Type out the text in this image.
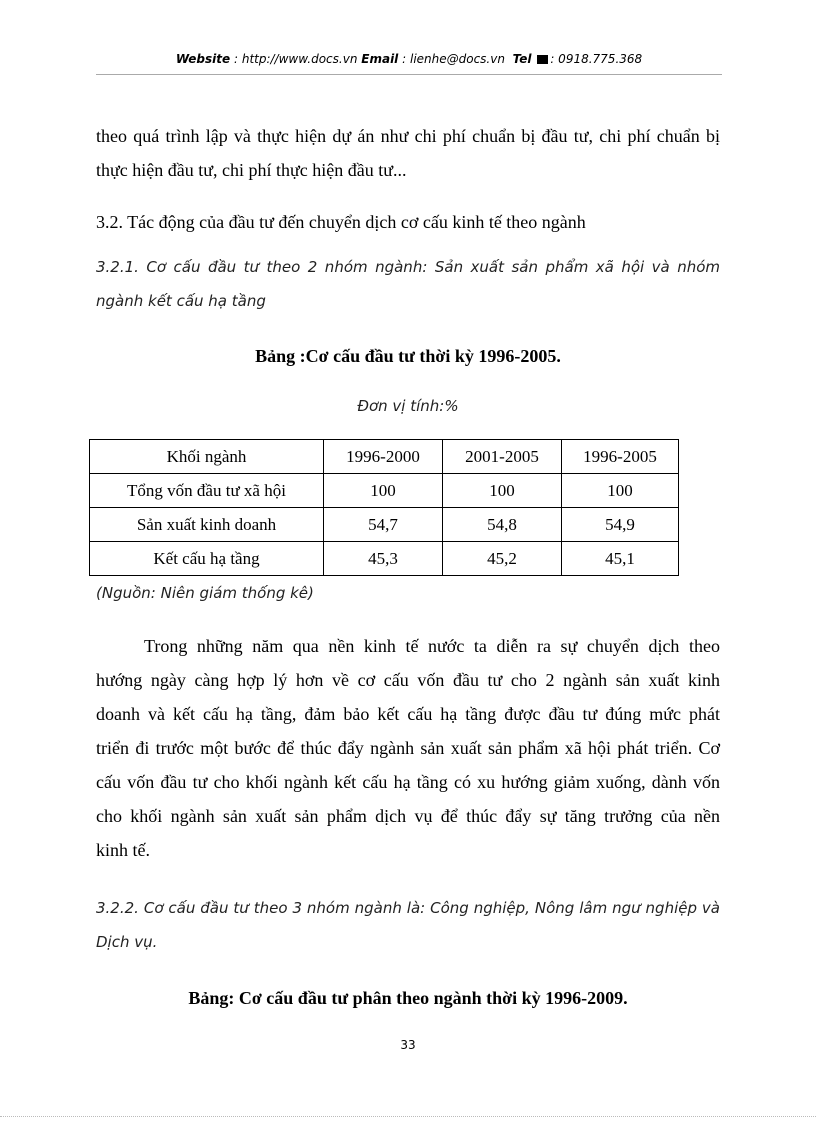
Website : http://www.docs.vn Email : lienhe@docs.vn Tel : 0918.775.368
theo quá trình lập và thực hiện dự án như chi phí chuẩn bị đầu tư, chi phí chuẩn bị
thực hiện đầu tư, chi phí thực hiện đầu tư...
3.2. Tác động của đầu tư đến chuyển dịch cơ cấu kinh tế theo ngành
3.2.1. Cơ cấu đầu tư theo 2 nhóm ngành: Sản xuất sản phẩm xã hội và nhóm
ngành kết cấu hạ tầng
Bảng :Cơ cấu đầu tư thời kỳ 1996-2005.
Đơn vị tính:%
Khối ngành	1996-2000	2001-2005	1996-2005
Tổng vốn đầu tư xã hội	100	100	100
Sản xuất kinh doanh	54,7	54,8	54,9
Kết cấu hạ tầng	45,3	45,2	45,1
(Nguồn: Niên giám thống kê)
Trong những năm qua nền kinh tế nước ta diễn ra sự chuyển dịch theo
hướng ngày càng hợp lý hơn về cơ cấu vốn đầu tư cho 2 ngành sản xuất kinh
doanh và kết cấu hạ tầng, đảm bảo kết cấu hạ tầng được đầu tư đúng mức phát
triển đi trước một bước để thúc đẩy ngành sản xuất sản phẩm xã hội phát triển. Cơ
cấu vốn đầu tư cho khối ngành kết cấu hạ tầng có xu hướng giảm xuống, dành vốn
cho khối ngành sản xuất sản phẩm dịch vụ để thúc đẩy sự tăng trưởng của nền
kinh tế.
3.2.2. Cơ cấu đầu tư theo 3 nhóm ngành là: Công nghiệp, Nông lâm ngư nghiệp và
Dịch vụ.
Bảng: Cơ cấu đầu tư phân theo ngành thời kỳ 1996-2009.
33
